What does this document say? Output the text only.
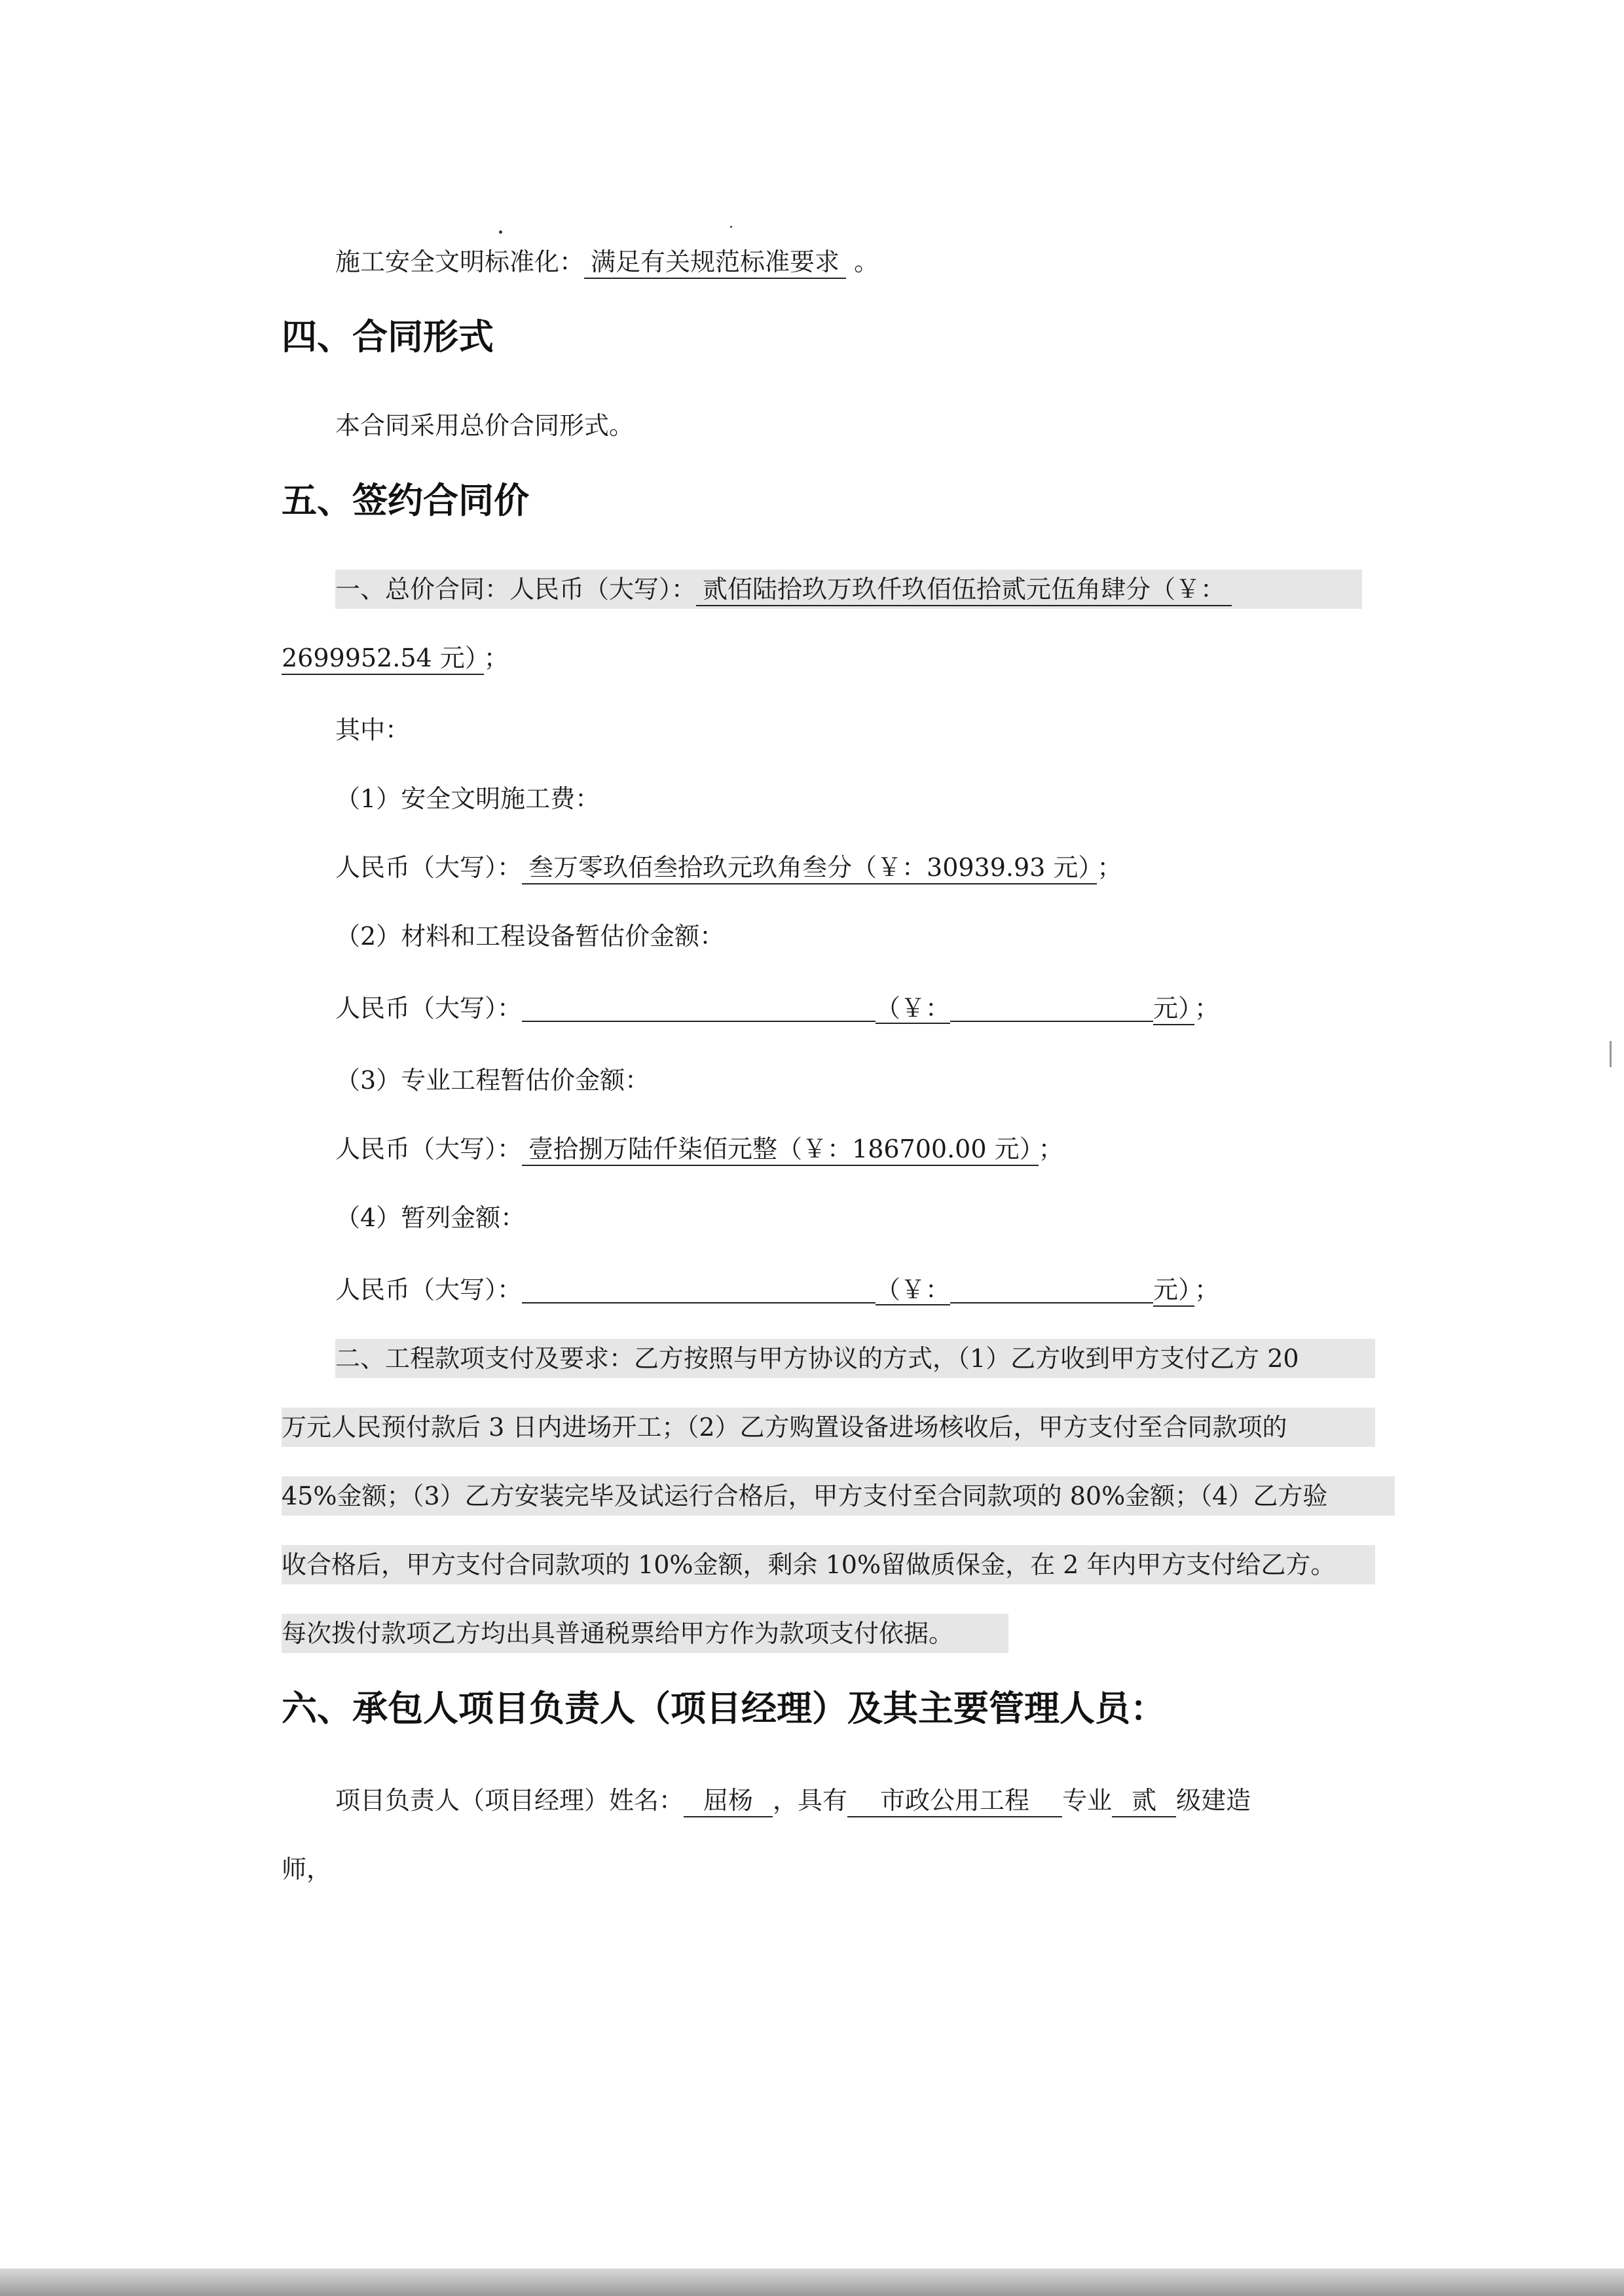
施工安全文明标准化： 满足有关规范标准要求 。
四、合同形式
本合同采用总价合同形式。
五、签约合同价
一、总价合同：人民币（大写）： 贰佰陆拾玖万玖仟玖佰伍拾贰元伍角肆分（￥：
2699952.54 元） ；
其中：
（1）安全文明施工费：
人民币（大写）： 叁万零玖佰叁拾玖元玖角叁分（￥：30939.93 元） ；
（2）材料和工程设备暂估价金额：
人民币（大写）：	（￥：	元） ；
（3）专业工程暂估价金额：
人民币（大写）： 壹拾捌万陆仟柒佰元整（￥：186700.00 元） ；
（4）暂列金额：
人民币（大写）：	（￥：	元） ；
二、工程款项支付及要求：乙方按照与甲方协议的方式，（1）乙方收到甲方支付乙方 20
万元人民预付款后 3 日内进场开工；（2）乙方购置设备进场核收后，甲方支付至合同款项的
45%金额；（3）乙方安装完毕及试运行合格后，甲方支付至合同款项的 80%金额；（4）乙方验
收合格后，甲方支付合同款项的 10%金额，剩余 10%留做质保金，在 2 年内甲方支付给乙方。
每次拨付款项乙方均出具普通税票给甲方作为款项支付依据。
六、承包人项目负责人（项目经理）及其主要管理人员：
项目负责人（项目经理）姓名： 屈杨 ，具有 市政公用工程 专业 贰 级建造
师，
